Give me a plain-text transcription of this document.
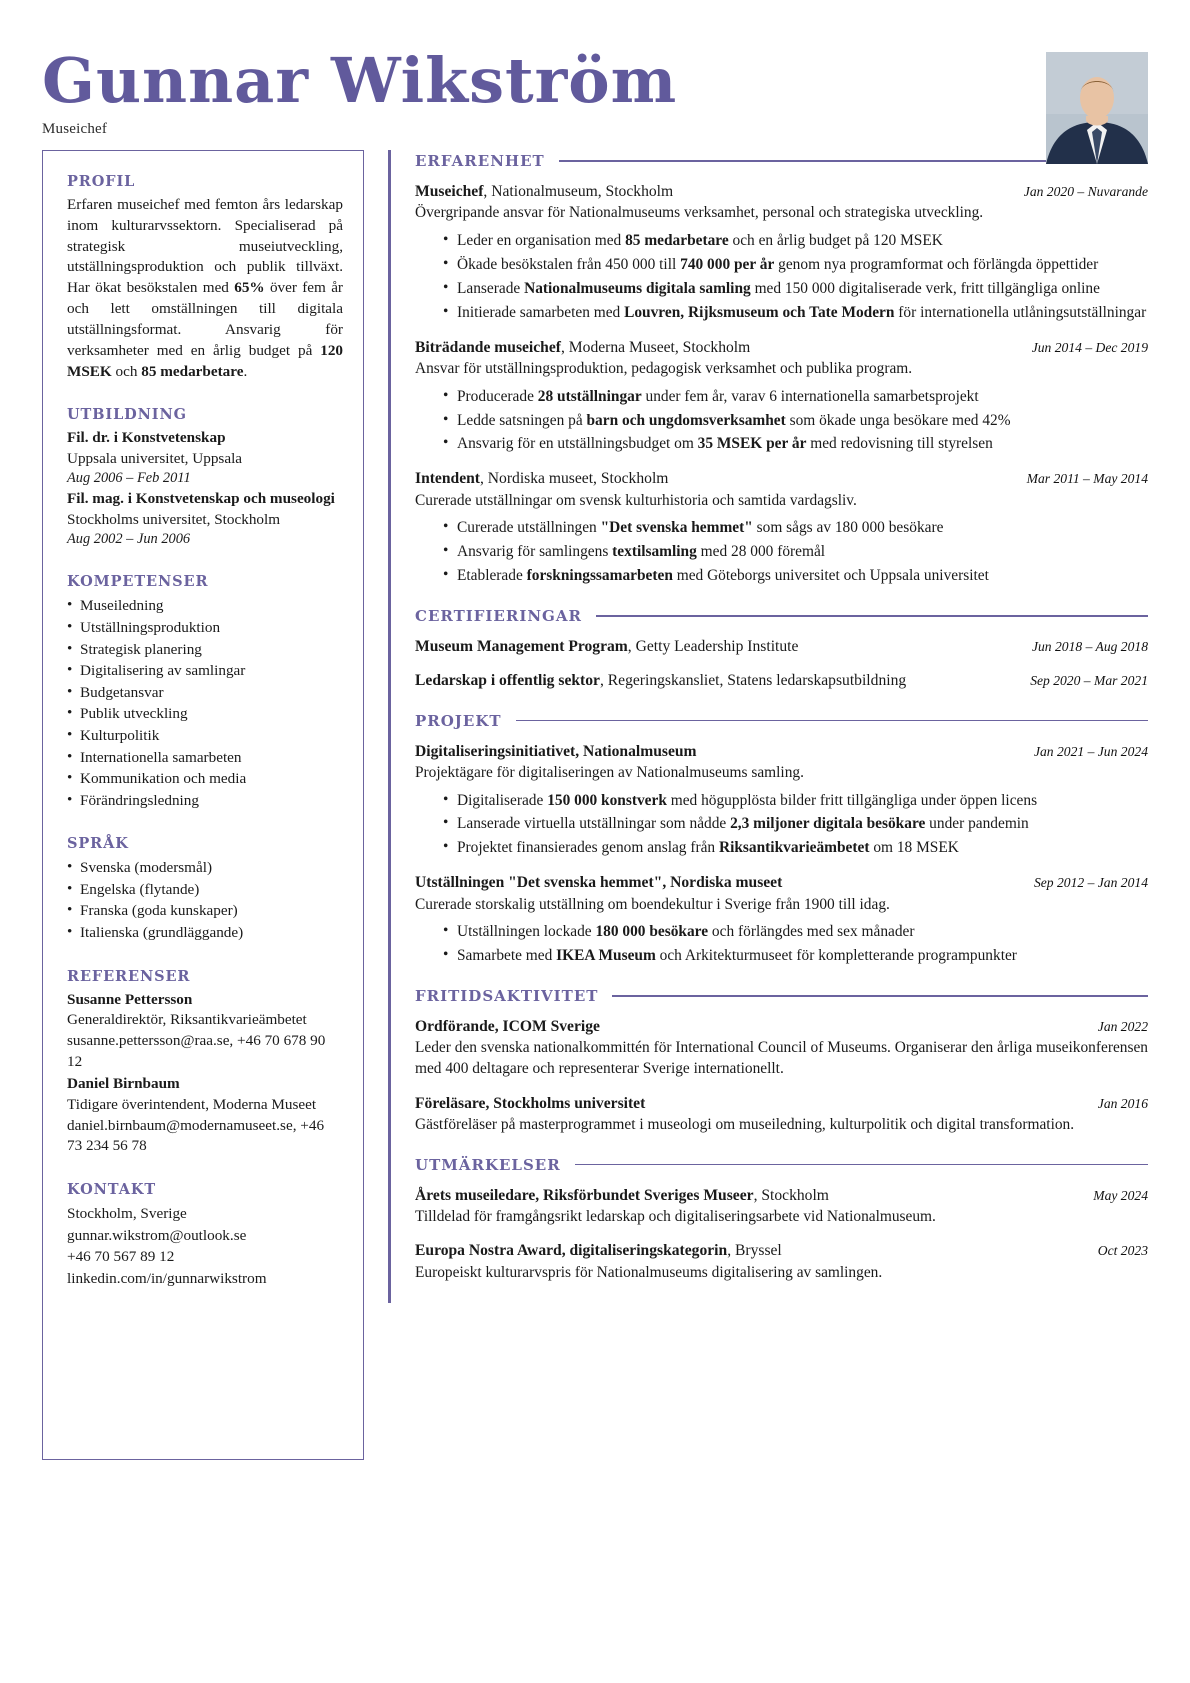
Gunnar Wikström
Museichef
PROFIL

Erfaren museichef med femton års ledarskap inom kulturarvssektorn. Specialiserad på strategisk museiutveckling, utställningsproduktion och publik tillväxt. Har ökat besökstalen med 65% över fem år och lett omställningen till digitala utställningsformat. Ansvarig för verksamheter med en årlig budget på 120 MSEK och 85 medarbetare.

UTBILDNING
Fil. dr. i Konstvetenskap
Uppsala universitet, Uppsala
Aug 2006 – Feb 2011
Fil. mag. i Konstvetenskap och museologi
Stockholms universitet, Stockholm
Aug 2002 – Jun 2006
KOMPETENSER
• Museiledning
• Utställningsproduktion
• Strategisk planering
• Digitalisering av samlingar
• Budgetansvar
• Publik utveckling
• Kulturpolitik
• Internationella samarbeten
• Kommunikation och media
• Förändringsledning
SPRÅK
• Svenska (modersmål)
• Engelska (flytande)
• Franska (goda kunskaper)
• Italienska (grundläggande)
REFERENSER
Susanne Pettersson
Generaldirektör, Riksantikvarieämbetet
susanne.pettersson@raa.se, +46 70 678 90 12
Daniel Birnbaum
Tidigare överintendent, Moderna Museet
daniel.birnbaum@modernamuseet.se, +46 73 234 56 78
KONTAKT
Stockholm, Sverige
gunnar.wikstrom@outlook.se
+46 70 567 89 12
linkedin.com/in/gunnarwikstrom
ERFARENHET
Museichef, Nationalmuseum, Stockholm	Jan 2020 – Nuvarande
Övergripande ansvar för Nationalmuseums verksamhet, personal och strategiska utveckling.
• Leder en organisation med 85 medarbetare och en årlig budget på 120 MSEK
• Ökade besökstalen från 450 000 till 740 000 per år genom nya programformat och förlängda öppettider
• Lanserade Nationalmuseums digitala samling med 150 000 digitaliserade verk, fritt tillgängliga online
• Initierade samarbeten med Louvren, Rijksmuseum och Tate Modern för internationella utlåningsutställningar
Biträdande museichef, Moderna Museet, Stockholm	Jun 2014 – Dec 2019
Ansvar för utställningsproduktion, pedagogisk verksamhet och publika program.
• Producerade 28 utställningar under fem år, varav 6 internationella samarbetsprojekt
• Ledde satsningen på barn och ungdomsverksamhet som ökade unga besökare med 42%
• Ansvarig för en utställningsbudget om 35 MSEK per år med redovisning till styrelsen
Intendent, Nordiska museet, Stockholm	Mar 2011 – May 2014
Curerade utställningar om svensk kulturhistoria och samtida vardagsliv.
• Curerade utställningen "Det svenska hemmet" som sågs av 180 000 besökare
• Ansvarig för samlingens textilsamling med 28 000 föremål
• Etablerade forskningssamarbeten med Göteborgs universitet och Uppsala universitet
CERTIFIERINGAR
Museum Management Program, Getty Leadership Institute	Jun 2018 – Aug 2018
Ledarskap i offentlig sektor, Regeringskansliet, Statens ledarskapsutbildning	Sep 2020 – Mar 2021
PROJEKT
Digitaliseringsinitiativet, Nationalmuseum	Jan 2021 – Jun 2024
Projektägare för digitaliseringen av Nationalmuseums samling.
• Digitaliserade 150 000 konstverk med högupplösta bilder fritt tillgängliga under öppen licens
• Lanserade virtuella utställningar som nådde 2,3 miljoner digitala besökare under pandemin
• Projektet finansierades genom anslag från Riksantikvarieämbetet om 18 MSEK
Utställningen "Det svenska hemmet", Nordiska museet	Sep 2012 – Jan 2014
Curerade storskalig utställning om boendekultur i Sverige från 1900 till idag.
• Utställningen lockade 180 000 besökare och förlängdes med sex månader
• Samarbete med IKEA Museum och Arkitekturmuseet för kompletterande programpunkter
FRITIDSAKTIVITET
Ordförande, ICOM Sverige	Jan 2022
Leder den svenska nationalkommittén för International Council of Museums. Organiserar den årliga museikonferensen med 400 deltagare och representerar Sverige internationellt.
Föreläsare, Stockholms universitet	Jan 2016
Gästföreläser på masterprogrammet i museologi om museiledning, kulturpolitik och digital transformation.
UTMÄRKELSER
Årets museiledare, Riksförbundet Sveriges Museer, Stockholm	May 2024
Tilldelad för framgångsrikt ledarskap och digitaliseringsarbete vid Nationalmuseum.
Europa Nostra Award, digitaliseringskategorin, Bryssel	Oct 2023
Europeiskt kulturarvspris för Nationalmuseums digitalisering av samlingen.
